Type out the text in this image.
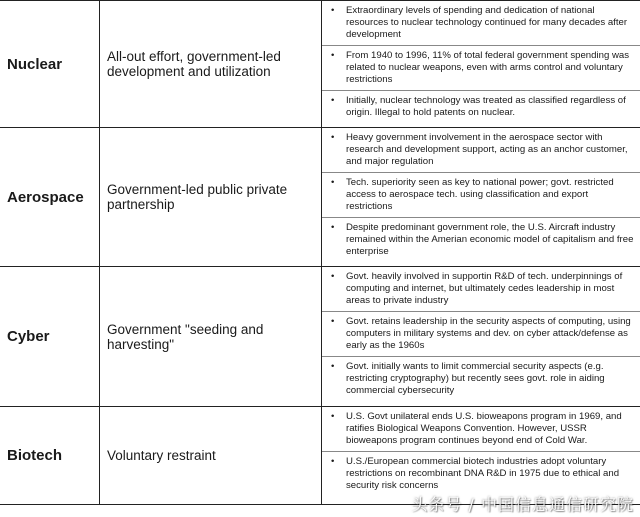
Nuclear	All-out effort, government-led development and utilization
• Extraordinary levels of spending and dedication of national resources to nuclear technology continued for many decades after development
• From 1940 to 1996, 11% of total federal government spending was related to nuclear weapons, even with arms control and voluntary restrictions
• Initially, nuclear technology was treated as classified regardless of origin. Illegal to hold patents on nuclear.
Aerospace	Government-led public private partnership
• Heavy government involvement in the aerospace sector with research and development support, acting as an anchor customer, and major regulation
• Tech. superiority seen as key to national power; govt. restricted access to aerospace tech. using classification and export restrictions
• Despite predominant government role, the U.S. Aircraft industry remained within the Amerian economic model of capitalism and free enterprise
Cyber	Government "seeding and harvesting"
• Govt. heavily involved in supportin R&D of tech. underpinnings of computing and internet, but ultimately cedes leadership in most areas to private industry
• Govt. retains leadership in the security aspects of computing, using computers in military systems and dev. on cyber attack/defense as early as the 1960s
• Govt. initially wants to limit commercial security aspects (e.g. restricting cryptography) but recently sees govt. role in aiding commercial cybersecurity
Biotech	Voluntary restraint
• U.S. Govt unilateral ends U.S. bioweapons program in 1969, and ratifies Biological Weapons Convention. However, USSR bioweapons program continues beyond end of Cold War.
• U.S./European commercial biotech industries adopt voluntary restrictions on recombinant DNA R&D in 1975 due to ethical and security risk concerns
头条号 / 中国信息通信研究院
